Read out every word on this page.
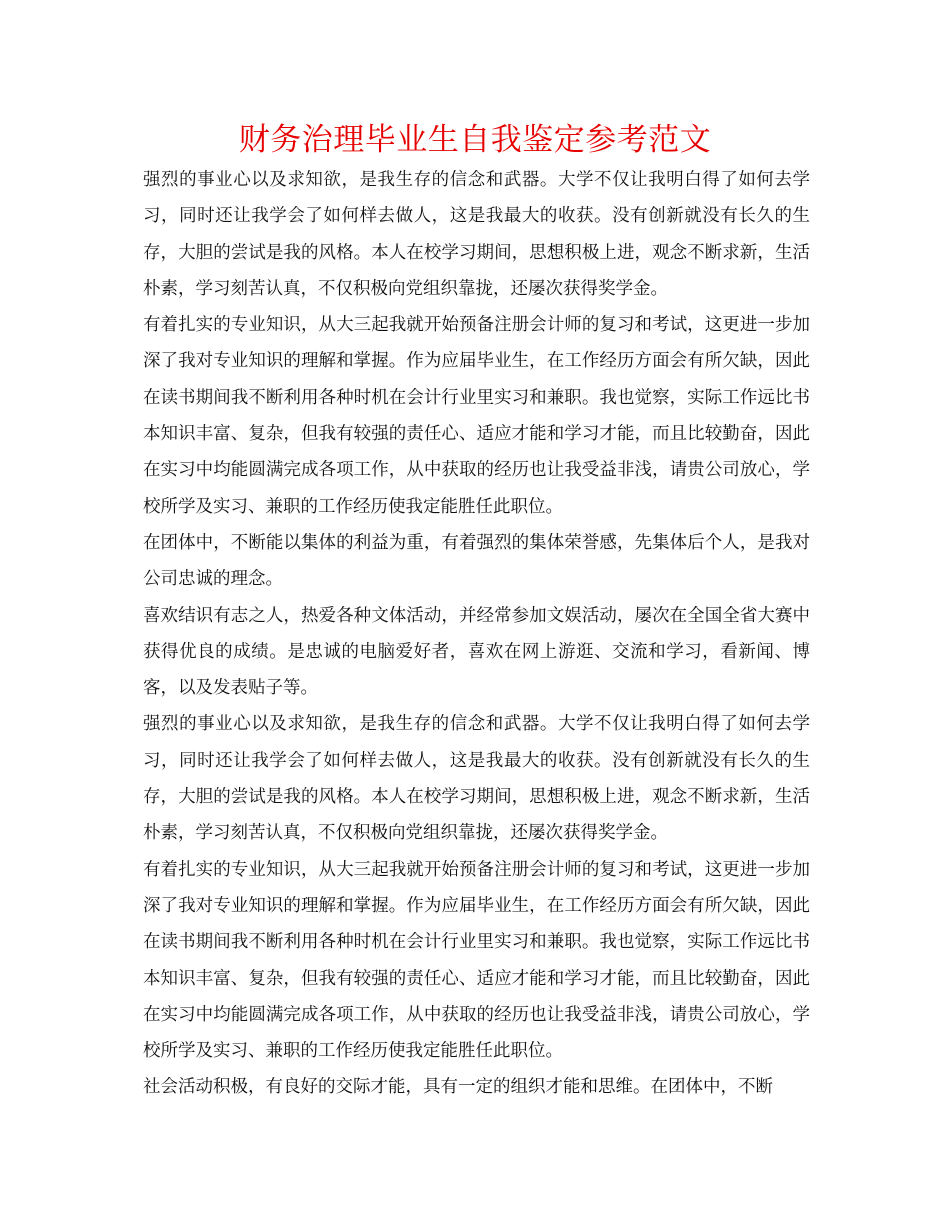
财务治理毕业生自我鉴定参考范文

强烈的事业心以及求知欲，是我生存的信念和武器。大学不仅让我明白得了如何去学习，同时还让我学会了如何样去做人，这是我最大的收获。没有创新就没有长久的生存，大胆的尝试是我的风格。本人在校学习期间，思想积极上进，观念不断求新，生活朴素，学习刻苦认真，不仅积极向党组织靠拢，还屡次获得奖学金。

有着扎实的专业知识，从大三起我就开始预备注册会计师的复习和考试，这更进一步加深了我对专业知识的理解和掌握。作为应届毕业生，在工作经历方面会有所欠缺，因此在读书期间我不断利用各种时机在会计行业里实习和兼职。我也觉察，实际工作远比书本知识丰富、复杂，但我有较强的责任心、适应才能和学习才能，而且比较勤奋，因此在实习中均能圆满完成各项工作，从中获取的经历也让我受益非浅，请贵公司放心，学校所学及实习、兼职的工作经历使我定能胜任此职位。

在团体中，不断能以集体的利益为重，有着强烈的集体荣誉感，先集体后个人，是我对公司忠诚的理念。

喜欢结识有志之人，热爱各种文体活动，并经常参加文娱活动，屡次在全国全省大赛中获得优良的成绩。是忠诚的电脑爱好者，喜欢在网上游逛、交流和学习，看新闻、博客，以及发表贴子等。

强烈的事业心以及求知欲，是我生存的信念和武器。大学不仅让我明白得了如何去学习，同时还让我学会了如何样去做人，这是我最大的收获。没有创新就没有长久的生存，大胆的尝试是我的风格。本人在校学习期间，思想积极上进，观念不断求新，生活朴素，学习刻苦认真，不仅积极向党组织靠拢，还屡次获得奖学金。

有着扎实的专业知识，从大三起我就开始预备注册会计师的复习和考试，这更进一步加深了我对专业知识的理解和掌握。作为应届毕业生，在工作经历方面会有所欠缺，因此在读书期间我不断利用各种时机在会计行业里实习和兼职。我也觉察，实际工作远比书本知识丰富、复杂，但我有较强的责任心、适应才能和学习才能，而且比较勤奋，因此在实习中均能圆满完成各项工作，从中获取的经历也让我受益非浅，请贵公司放心，学校所学及实习、兼职的工作经历使我定能胜任此职位。

社会活动积极，有良好的交际才能，具有一定的组织才能和思维。在团体中，不断
